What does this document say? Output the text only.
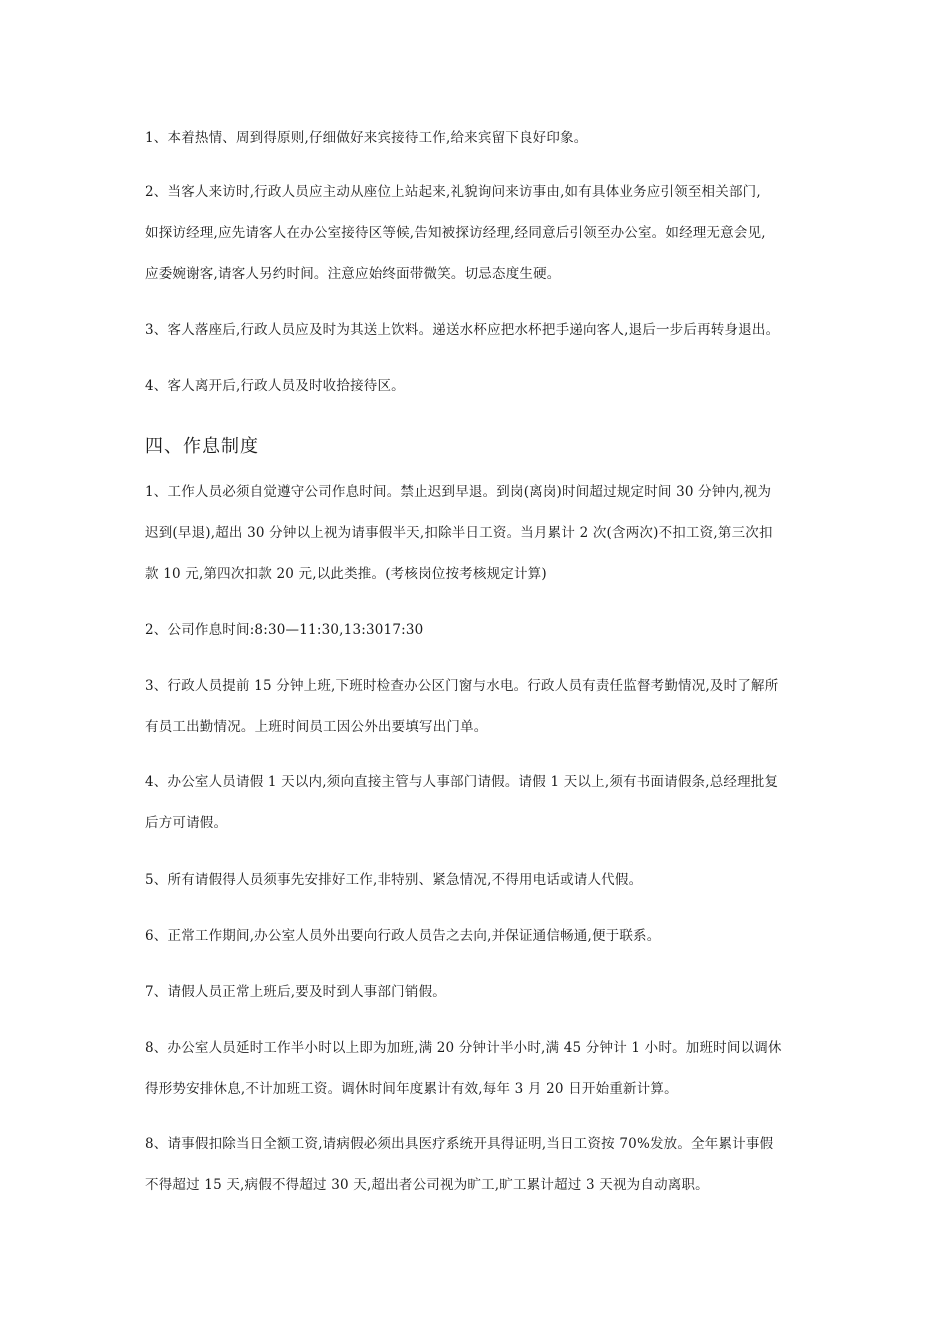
1、本着热情、周到得原则,仔细做好来宾接待工作,给来宾留下良好印象。
2、当客人来访时,行政人员应主动从座位上站起来,礼貌询问来访事由,如有具体业务应引领至相关部门,
如探访经理,应先请客人在办公室接待区等候,告知被探访经理,经同意后引领至办公室。如经理无意会见,
应委婉谢客,请客人另约时间。注意应始终面带微笑。切忌态度生硬。
3、客人落座后,行政人员应及时为其送上饮料。递送水杯应把水杯把手递向客人,退后一步后再转身退出。
4、客人离开后,行政人员及时收拾接待区。
四、作息制度
1、工作人员必须自觉遵守公司作息时间。禁止迟到早退。到岗(离岗)时间超过规定时间 30 分钟内,视为
迟到(早退),超出 30 分钟以上视为请事假半天,扣除半日工资。当月累计 2 次(含两次)不扣工资,第三次扣
款 10 元,第四次扣款 20 元,以此类推。(考核岗位按考核规定计算)
2、公司作息时间:8:30—11:30,13:3017:30
3、行政人员提前 15 分钟上班,下班时检查办公区门窗与水电。行政人员有责任监督考勤情况,及时了解所
有员工出勤情况。上班时间员工因公外出要填写出门单。
4、办公室人员请假 1 天以内,须向直接主管与人事部门请假。请假 1 天以上,须有书面请假条,总经理批复
后方可请假。
5、所有请假得人员须事先安排好工作,非特别、紧急情况,不得用电话或请人代假。
6、正常工作期间,办公室人员外出要向行政人员告之去向,并保证通信畅通,便于联系。
7、请假人员正常上班后,要及时到人事部门销假。
8、办公室人员延时工作半小时以上即为加班,满 20 分钟计半小时,满 45 分钟计 1 小时。加班时间以调休
得形势安排休息,不计加班工资。调休时间年度累计有效,每年 3 月 20 日开始重新计算。
8、请事假扣除当日全额工资,请病假必须出具医疗系统开具得证明,当日工资按 70%发放。全年累计事假
不得超过 15 天,病假不得超过 30 天,超出者公司视为旷工,旷工累计超过 3 天视为自动离职。
